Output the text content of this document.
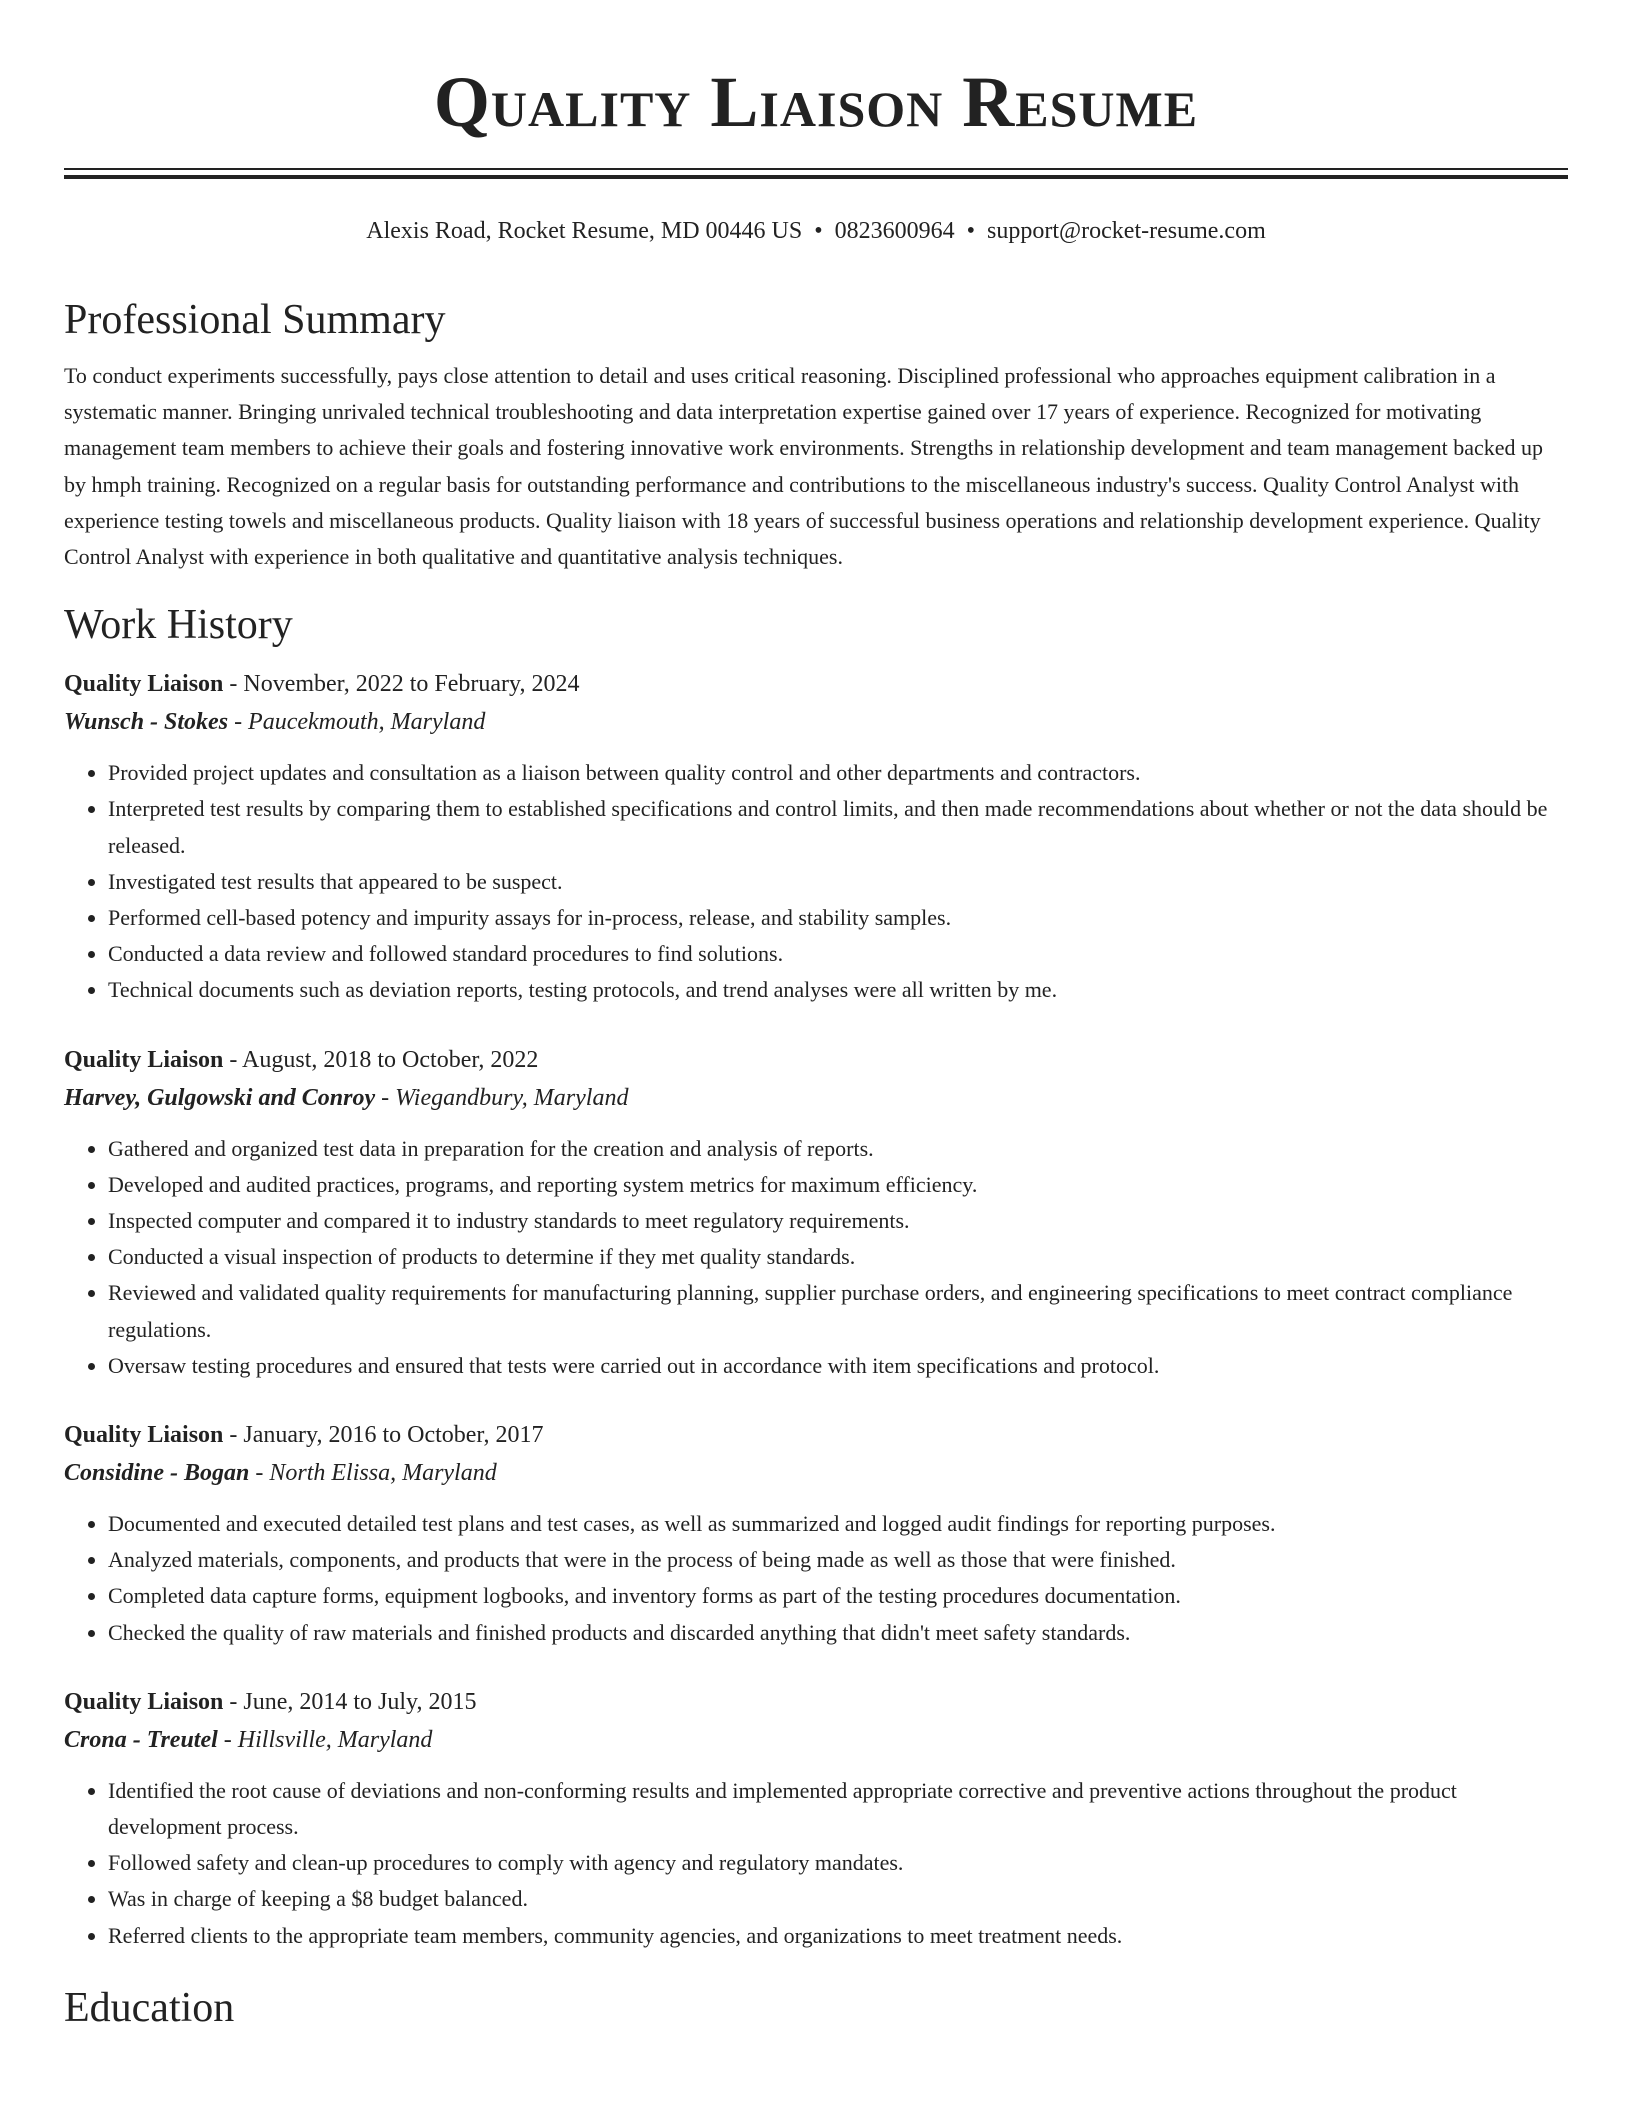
Quality Liaison Resume
Alexis Road, Rocket Resume, MD 00446 US • 0823600964 • support@rocket-resume.com
Professional Summary

To conduct experiments successfully, pays close attention to detail and uses critical reasoning. Disciplined professional who approaches equipment calibration in a systematic manner. Bringing unrivaled technical troubleshooting and data interpretation expertise gained over 17 years of experience. Recognized for motivating management team members to achieve their goals and fostering innovative work environments. Strengths in relationship development and team management backed up by hmph training. Recognized on a regular basis for outstanding performance and contributions to the miscellaneous industry's success. Quality Control Analyst with experience testing towels and miscellaneous products. Quality liaison with 18 years of successful business operations and relationship development experience. Quality Control Analyst with experience in both qualitative and quantitative analysis techniques.

Work History
Quality Liaison - November, 2022 to February, 2024
Wunsch - Stokes - Paucekmouth, Maryland
• Provided project updates and consultation as a liaison between quality control and other departments and contractors.
• Interpreted test results by comparing them to established specifications and control limits, and then made recommendations about whether or not the data should be released.
• Investigated test results that appeared to be suspect.
• Performed cell-based potency and impurity assays for in-process, release, and stability samples.
• Conducted a data review and followed standard procedures to find solutions.
• Technical documents such as deviation reports, testing protocols, and trend analyses were all written by me.
Quality Liaison - August, 2018 to October, 2022
Harvey, Gulgowski and Conroy - Wiegandbury, Maryland
• Gathered and organized test data in preparation for the creation and analysis of reports.
• Developed and audited practices, programs, and reporting system metrics for maximum efficiency.
• Inspected computer and compared it to industry standards to meet regulatory requirements.
• Conducted a visual inspection of products to determine if they met quality standards.
• Reviewed and validated quality requirements for manufacturing planning, supplier purchase orders, and engineering specifications to meet contract compliance regulations.
• Oversaw testing procedures and ensured that tests were carried out in accordance with item specifications and protocol.
Quality Liaison - January, 2016 to October, 2017
Considine - Bogan - North Elissa, Maryland
• Documented and executed detailed test plans and test cases, as well as summarized and logged audit findings for reporting purposes.
• Analyzed materials, components, and products that were in the process of being made as well as those that were finished.
• Completed data capture forms, equipment logbooks, and inventory forms as part of the testing procedures documentation.
• Checked the quality of raw materials and finished products and discarded anything that didn't meet safety standards.
Quality Liaison - June, 2014 to July, 2015
Crona - Treutel - Hillsville, Maryland
• Identified the root cause of deviations and non-conforming results and implemented appropriate corrective and preventive actions throughout the product development process.
• Followed safety and clean-up procedures to comply with agency and regulatory mandates.
• Was in charge of keeping a $8 budget balanced.
• Referred clients to the appropriate team members, community agencies, and organizations to meet treatment needs.
Education
